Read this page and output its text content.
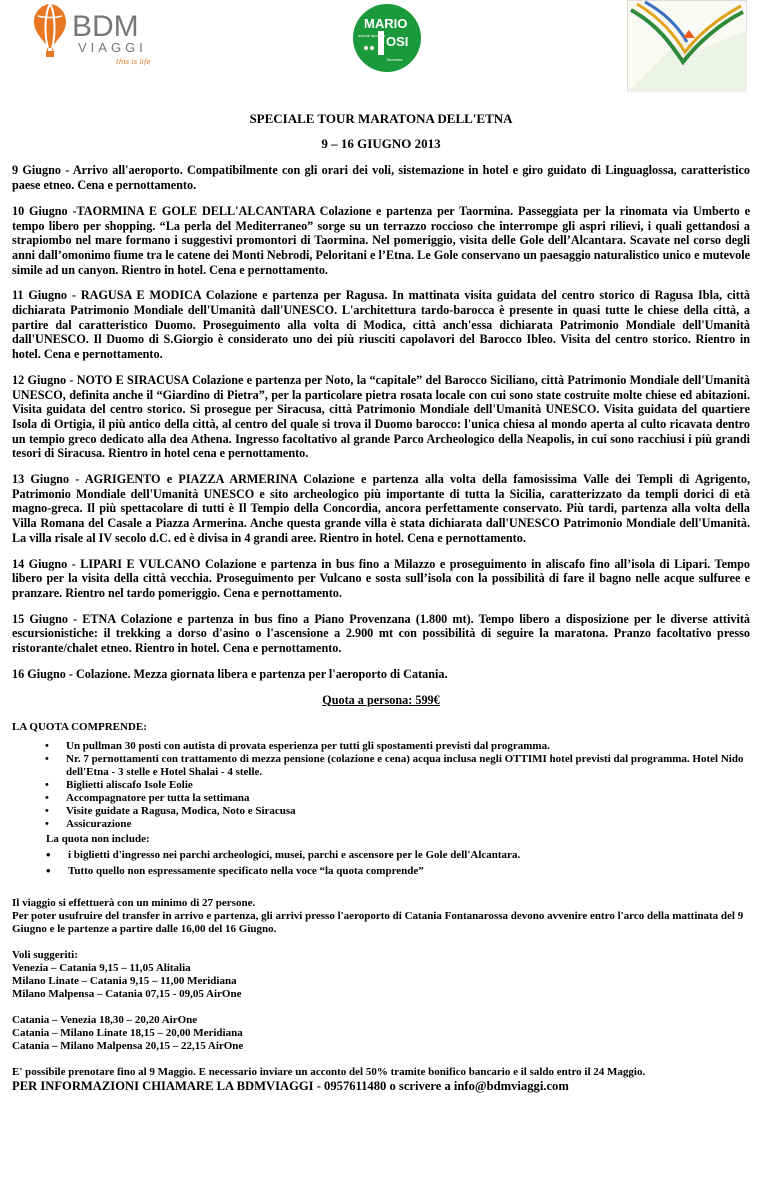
BDM
VIAGGI
this is life
MARIO
OSI
unione sportiva
Taormina
SPECIALE TOUR MARATONA DELL'ETNA
9 – 16 GIUGNO 2013

9 Giugno - Arrivo all'aeroporto. Compatibilmente con gli orari dei voli, sistemazione in hotel e giro guidato di Linguaglossa, caratteristico paese etneo. Cena e pernottamento.

10 Giugno -TAORMINA E GOLE DELL'ALCANTARA Colazione e partenza per Taormina. Passeggiata per la rinomata via Umberto e tempo libero per shopping. “La perla del Mediterraneo” sorge su un terrazzo roccioso che interrompe gli aspri rilievi, i quali gettandosi a strapiombo nel mare formano i suggestivi promontori di Taormina. Nel pomeriggio, visita delle Gole dell’Alcantara. Scavate nel corso degli anni dall’omonimo fiume tra le catene dei Monti Nebrodi, Peloritani e l’Etna. Le Gole conservano un paesaggio naturalistico unico e mutevole simile ad un canyon. Rientro in hotel. Cena e pernottamento.

11 Giugno - RAGUSA E MODICA Colazione e partenza per Ragusa. In mattinata visita guidata del centro storico di Ragusa Ibla, città dichiarata Patrimonio Mondiale dell'Umanità dall'UNESCO. L'architettura tardo-barocca è presente in quasi tutte le chiese della città, a partire dal caratteristico Duomo. Proseguimento alla volta di Modica, città anch'essa dichiarata Patrimonio Mondiale dell'Umanità dall'UNESCO. Il Duomo di S.Giorgio è considerato uno dei più riusciti capolavori del Barocco Ibleo. Visita del centro storico. Rientro in hotel. Cena e pernottamento.

12 Giugno - NOTO E SIRACUSA Colazione e partenza per Noto, la “capitale” del Barocco Siciliano, città Patrimonio Mondiale dell'Umanità UNESCO, definita anche il “Giardino di Pietra”, per la particolare pietra rosata locale con cui sono state costruite molte chiese ed abitazioni. Visita guidata del centro storico. Si prosegue per Siracusa, città Patrimonio Mondiale dell'Umanità UNESCO. Visita guidata del quartiere Isola di Ortigia, il più antico della città, al centro del quale si trova il Duomo barocco: l'unica chiesa al mondo aperta al culto ricavata dentro un tempio greco dedicato alla dea Athena. Ingresso facoltativo al grande Parco Archeologico della Neapolis, in cui sono racchiusi i più grandi tesori di Siracusa. Rientro in hotel cena e pernottamento.

13 Giugno - AGRIGENTO e PIAZZA ARMERINA Colazione e partenza alla volta della famosissima Valle dei Templi di Agrigento, Patrimonio Mondiale dell'Umanità UNESCO e sito archeologico più importante di tutta la Sicilia, caratterizzato da templi dorici di età magno-greca. Il più spettacolare di tutti è Il Tempio della Concordia, ancora perfettamente conservato. Più tardi, partenza alla volta della Villa Romana del Casale a Piazza Armerina. Anche questa grande villa è stata dichiarata dall'UNESCO Patrimonio Mondiale dell'Umanità. La villa risale al IV secolo d.C. ed è divisa in 4 grandi aree. Rientro in hotel. Cena e pernottamento.

14 Giugno - LIPARI E VULCANO Colazione e partenza in bus fino a Milazzo e proseguimento in aliscafo fino all’isola di Lipari. Tempo libero per la visita della città vecchia. Proseguimento per Vulcano e sosta sull’isola con la possibilità di fare il bagno nelle acque sulfuree e pranzare. Rientro nel tardo pomeriggio. Cena e pernottamento.

15 Giugno - ETNA Colazione e partenza in bus fino a Piano Provenzana (1.800 mt). Tempo libero a disposizione per le diverse attività escursionistiche: il trekking a dorso d'asino o l'ascensione a 2.900 mt con possibilità di seguire la maratona. Pranzo facoltativo presso ristorante/chalet etneo. Rientro in hotel. Cena e pernottamento.

16 Giugno - Colazione. Mezza giornata libera e partenza per l'aeroporto di Catania.

Quota a persona: 599€
LA QUOTA COMPRENDE:
• Un pullman 30 posti con autista di provata esperienza per tutti gli spostamenti previsti dal programma.
• Nr. 7 pernottamenti con trattamento di mezza pensione (colazione e cena) acqua inclusa negli OTTIMI hotel previsti dal programma. Hotel Nido dell'Etna - 3 stelle e Hotel Shalai - 4 stelle.
• Biglietti aliscafo Isole Eolie
• Accompagnatore per tutta la settimana
• Visite guidate a Ragusa, Modica, Noto e Siracusa
• Assicurazione
La quota non include:
• i biglietti d'ingresso nei parchi archeologici, musei, parchi e ascensore per le Gole dell'Alcantara.
• Tutto quello non espressamente specificato nella voce “la quota comprende”
Il viaggio si effettuerà con un minimo di 27 persone.
Per poter usufruire del transfer in arrivo e partenza, gli arrivi presso l'aeroporto di Catania Fontanarossa devono avvenire entro l'arco della mattinata del 9 Giugno e le partenze a partire dalle 16,00 del 16 Giugno.
Voli suggeriti:
Venezia – Catania 9,15 – 11,05 Alitalia
Milano Linate – Catania 9,15 – 11,00 Meridiana
Milano Malpensa – Catania 07,15 - 09,05 AirOne
Catania – Venezia 18,30 – 20,20 AirOne
Catania – Milano Linate 18,15 – 20,00 Meridiana
Catania – Milano Malpensa 20,15 – 22,15 AirOne
E' possibile prenotare fino al 9 Maggio. E necessario inviare un acconto del 50% tramite bonifico bancario e il saldo entro il 24 Maggio.
PER INFORMAZIONI CHIAMARE LA BDMVIAGGI - 0957611480 o scrivere a info@bdmviaggi.com
